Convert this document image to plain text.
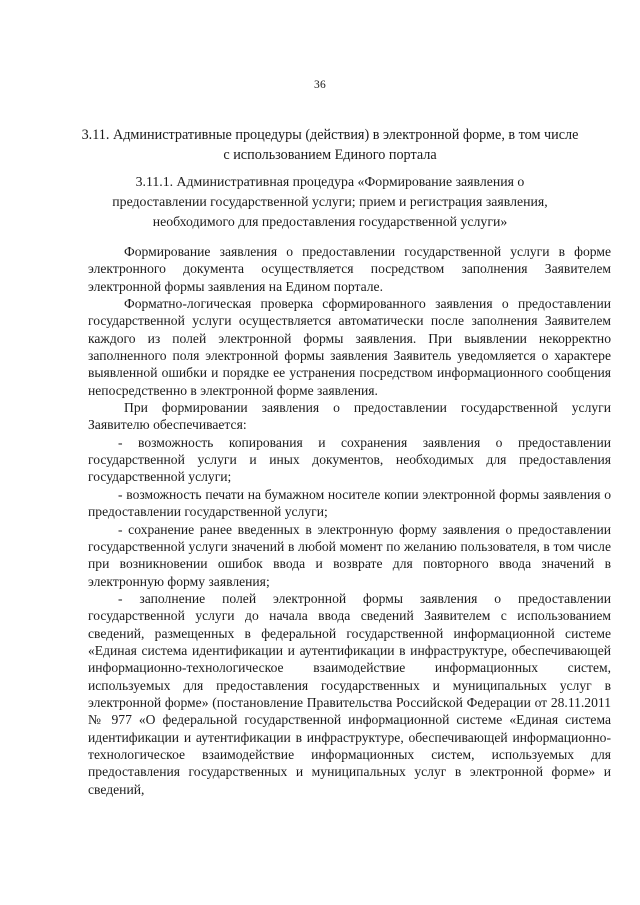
36
3.11. Административные процедуры (действия) в электронной форме, в том числе
с использованием Единого портала
3.11.1. Административная процедура «Формирование заявления о
предоставлении государственной услуги; прием и регистрация заявления,
необходимого для предоставления государственной услуги»

Формирование заявления о предоставлении государственной услуги в форме электронного документа осуществляется посредством заполнения Заявителем электронной формы заявления на Едином портале.

Форматно-логическая проверка сформированного заявления о предоставлении государственной услуги осуществляется автоматически после заполнения Заявителем каждого из полей электронной формы заявления. При выявлении некорректно заполненного поля электронной формы заявления Заявитель уведомляется о характере выявленной ошибки и порядке ее устранения посредством информационного сообщения непосредственно в электронной форме заявления.

При формировании заявления о предоставлении государственной услуги Заявителю обеспечивается:

- возможность копирования и сохранения заявления о предоставлении государственной услуги и иных документов, необходимых для предоставления государственной услуги;

- возможность печати на бумажном носителе копии электронной формы заявления о предоставлении государственной услуги;

- сохранение ранее введенных в электронную форму заявления о предоставлении государственной услуги значений в любой момент по желанию пользователя, в том числе при возникновении ошибок ввода и возврате для повторного ввода значений в электронную форму заявления;

- заполнение полей электронной формы заявления о предоставлении государственной услуги до начала ввода сведений Заявителем с использованием сведений, размещенных в федеральной государственной информационной системе «Единая система идентификации и аутентификации в инфраструктуре, обеспечивающей информационно-технологическое взаимодействие информационных систем, используемых для предоставления государственных и муниципальных услуг в электронной форме» (постановление Правительства Российской Федерации от 28.11.2011 № 977 «О федеральной государственной информационной системе «Единая система идентификации и аутентификации в инфраструктуре, обеспечивающей информационно-технологическое взаимодействие информационных систем, используемых для предоставления государственных и муниципальных услуг в электронной форме» и сведений,
